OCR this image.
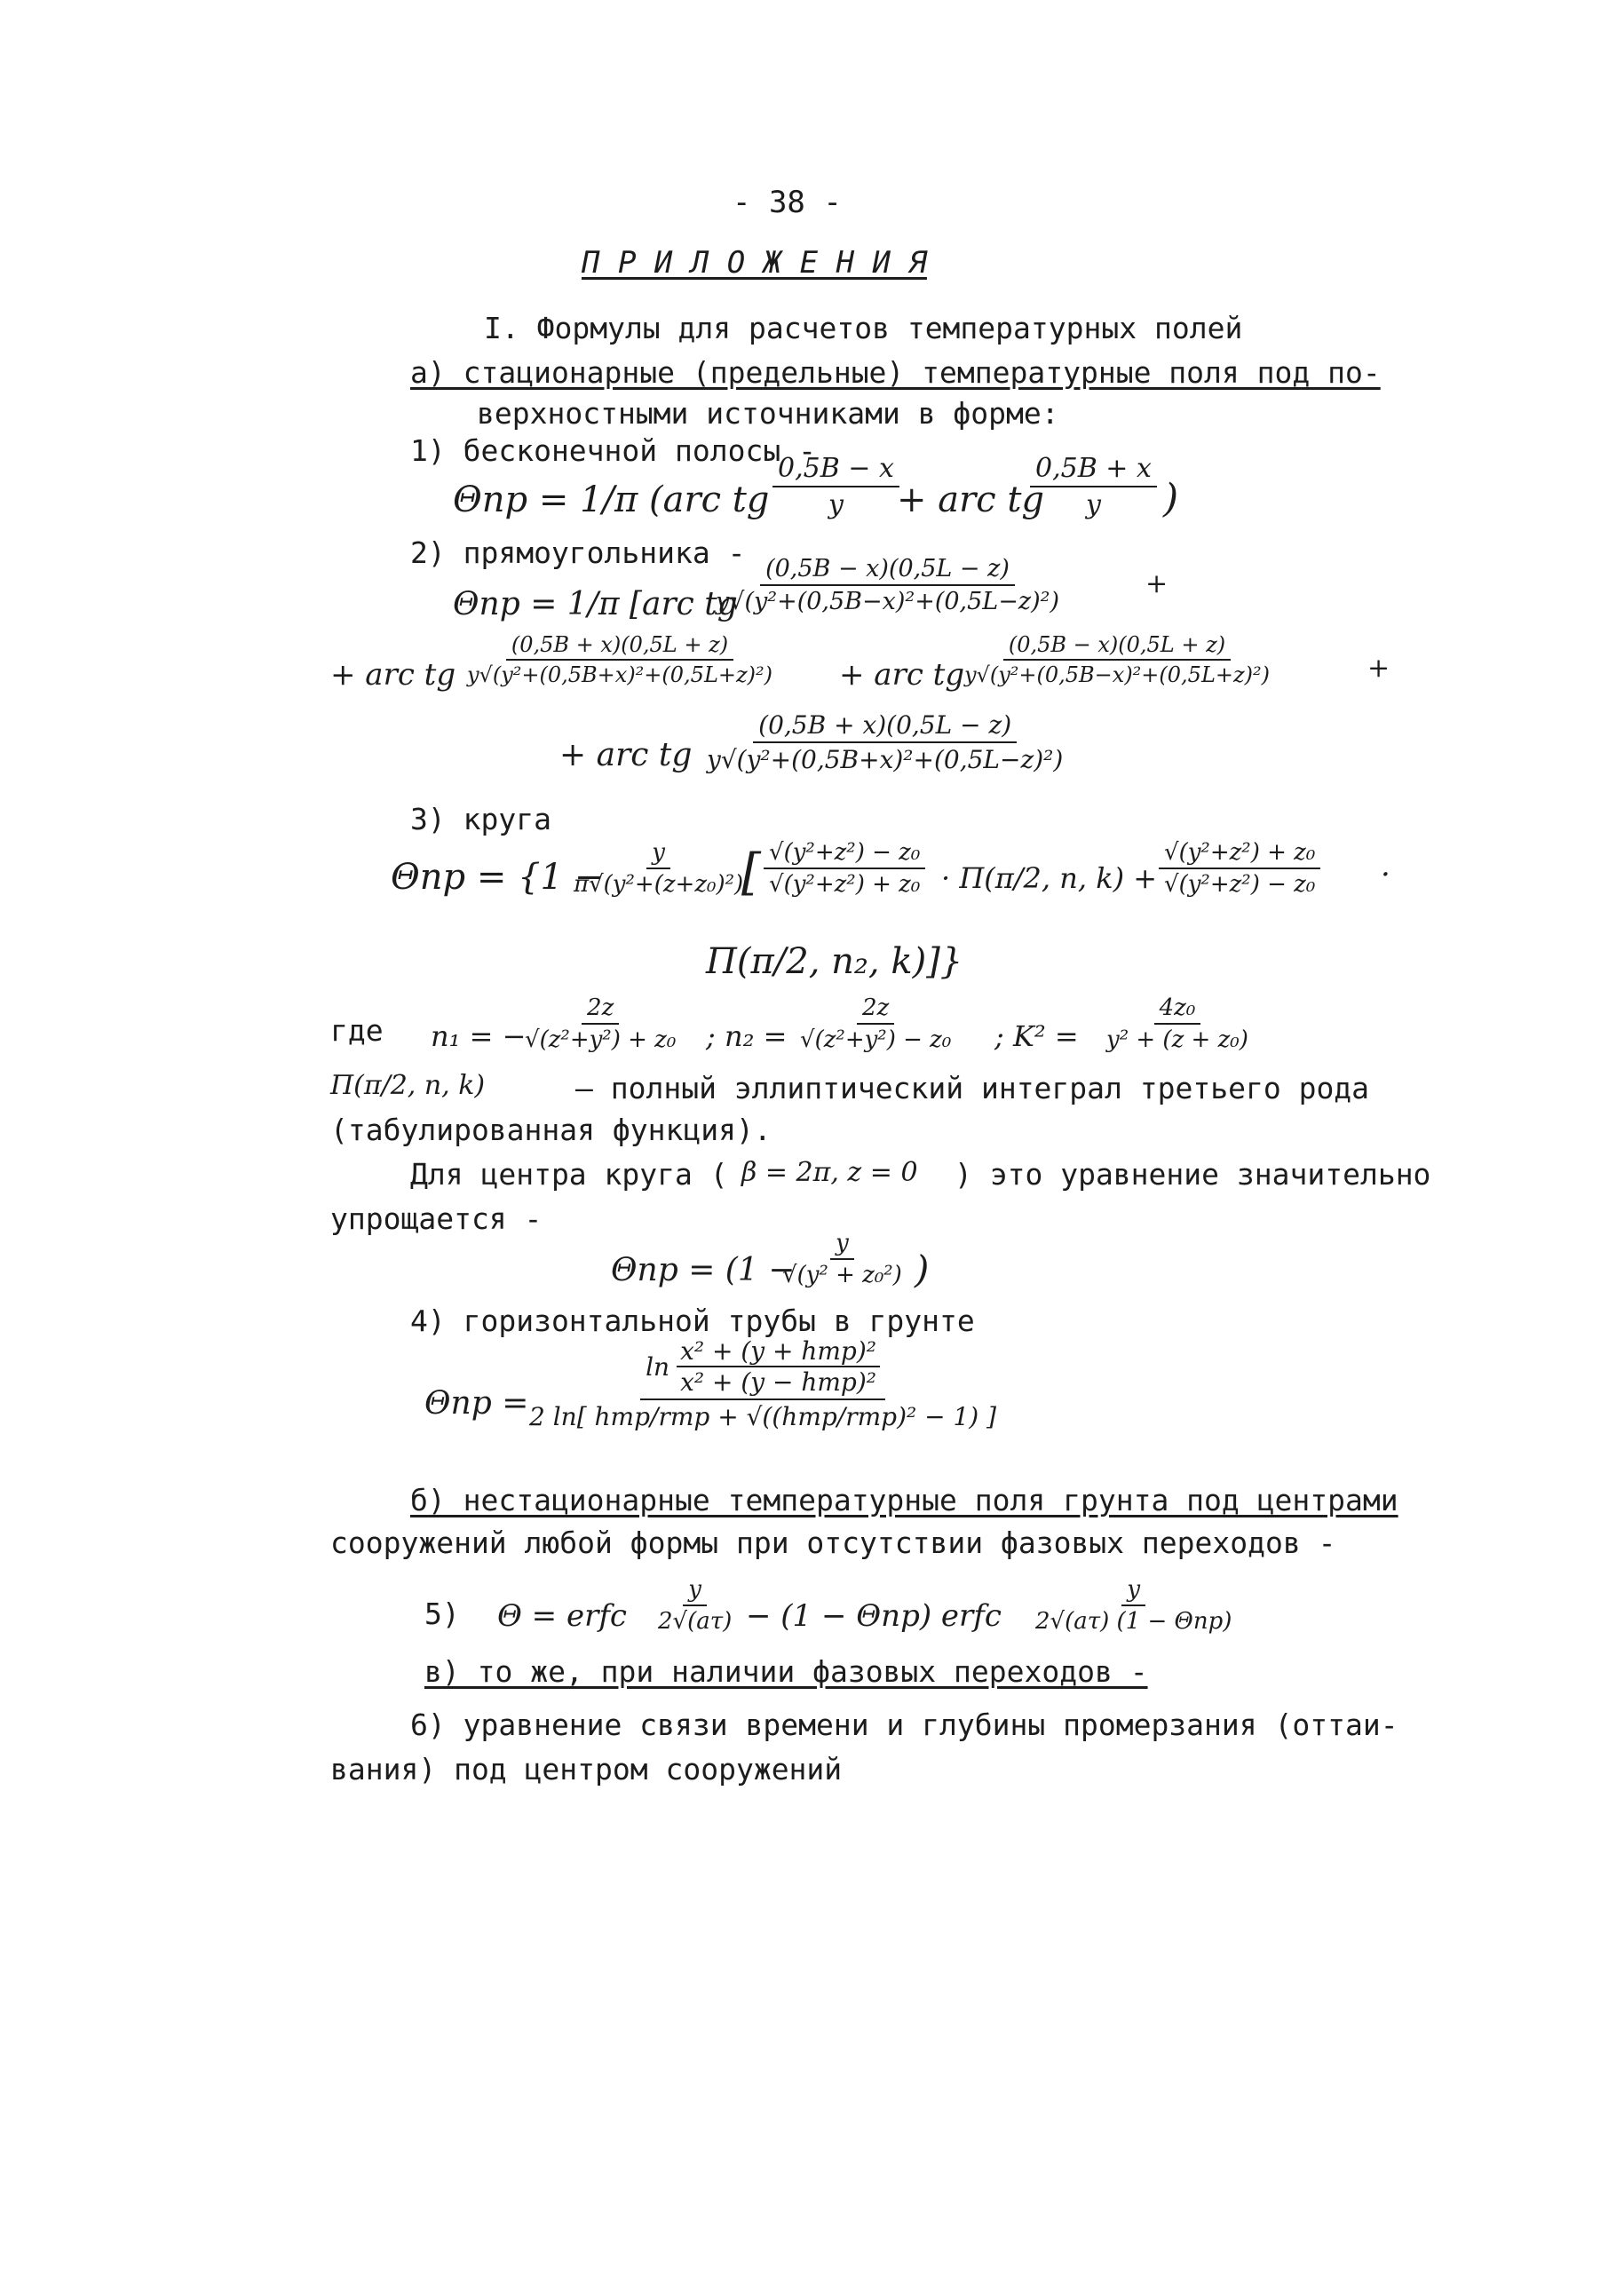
- 38 -
П Р И Л О Ж Е Н И Я
I. Формулы для расчетов температурных полей
а) стационарные (предельные) температурные поля под по-
верхностными источниками в форме:
1) бесконечной полосы -
Θпр = 1/π (arc tg $\frac{0,5B - x}{y}$
+ arc tg
$\frac{0,5B + x}{y}$ )
2) прямоугольника -
Θпр = 1/π [arc tg
$\frac{(0,5B - x)(0,5L - z)}{\text{y√(y²+(0,5B−x)²+(0,5L−z)²)}}$	+
+ arc tg $\frac{(0,5B + x)(0,5L + z)}{\text{y√(y²+(0,5B+x)²+(0,5L+z)²)}}$ + arc tg
$\frac{(0,5B - x)(0,5L + z)}{\text{y√(y²+(0,5B−x)²+(0,5L+z)²)}}$	+
+ arc tg $\frac{(0,5B + x)(0,5L - z)}{\text{y√(y²+(0,5B+x)²+(0,5L−z)²)}}$
3) круга
Θпр = {1 −
$\frac{y}{\text{π√(y²+(z+z₀)²)}}$
[ $\frac{\text{√(y²+z²) − z₀}}{\text{√(y²+z²) + z₀}} \cdot \Pi(\pi/2$, n, $k) + \frac{\text{√(y²+z²) + z₀}}{\text{√(y²+z²) − z₀}}$ ·
Π(π/2, n₂, k)]}
где n₁ = −
$\frac{2z}{\text{√(z²+y²) + z₀}}$ ; $n_2 = \frac{2z}{\text{√(z²+y²) − z₀}}$ ; $K^2 = \frac{\text{4z₀}}{\text{y² + (z + z₀)}}$
Π(π/2, n, k)	– полный эллиптический интеграл третьего рода
(табулированная функция).
Для центра круга ( β = 2π, z = 0 ) это уравнение значительно
упрощается -
Θпр = (1 −
$\frac{y}{\text{√(y² + z₀²)}}$ )
4) горизонтальной трубы в грунте
Θпр =
ln
x² + (y + hтр)²
x² + (y − hтр)²
2 ln[ hтр/rтр + √((hтр/rтр)² − 1) ]
б) нестационарные температурные поля грунта под центрами
сооружений любой формы при отсутствии фазовых переходов -
5) Θ = erfc $\frac{y}{2√(a\tau)} - (1 - \Theta пр)$ erfc
y
2√(aτ) (1 − Θпр)
в) то же, при наличии фазовых переходов -
6) уравнение связи времени и глубины промерзания (оттаи-
вания) под центром сооружений
